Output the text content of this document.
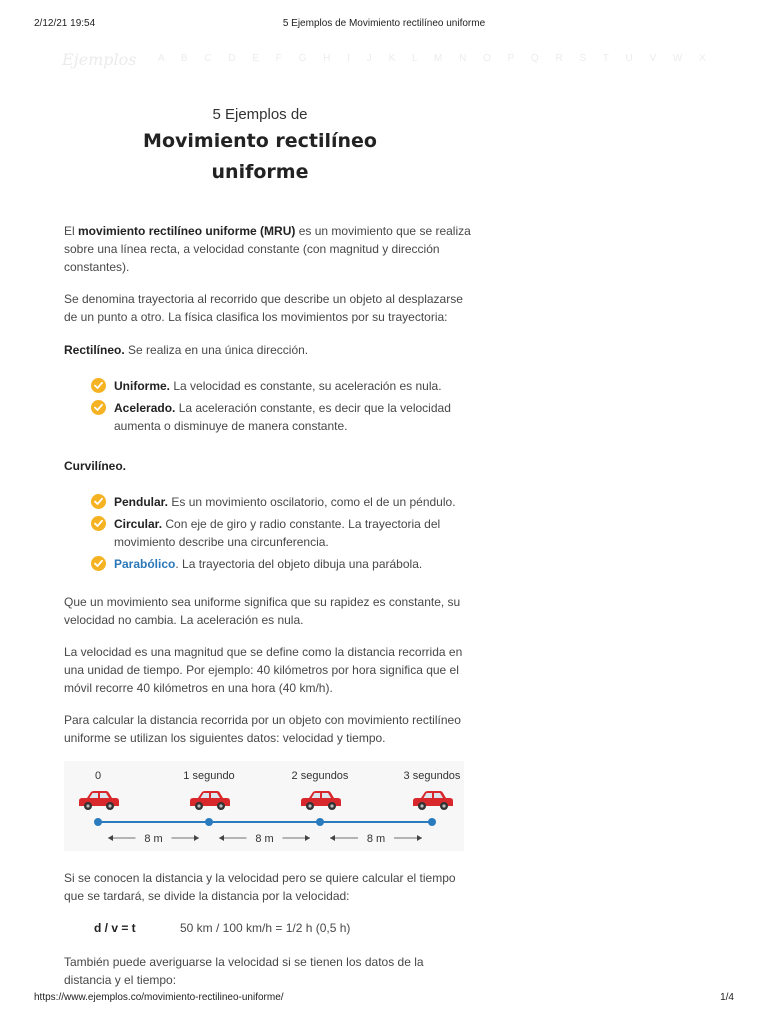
2/12/21 19:54	5 Ejemplos de Movimiento rectilíneo uniforme
Ejemplos A B C D E F G H I J K L M N O P Q R S T U V W X
5 Ejemplos de
Movimiento rectilíneo
uniforme

El movimiento rectilíneo uniforme (MRU) es un movimiento que se realiza sobre una línea recta, a velocidad constante (con magnitud y dirección constantes).

Se denomina trayectoria al recorrido que describe un objeto al desplazarse de un punto a otro. La física clasifica los movimientos por su trayectoria:

Rectilíneo. Se realiza en una única dirección.

Uniforme. La velocidad es constante, su aceleración es nula.
Acelerado. La aceleración constante, es decir que la velocidad aumenta o disminuye de manera constante.

Curvilíneo.

Pendular. Es un movimiento oscilatorio, como el de un péndulo.
Circular. Con eje de giro y radio constante. La trayectoria del movimiento describe una circunferencia.
Parabólico. La trayectoria del objeto dibuja una parábola.

Que un movimiento sea uniforme significa que su rapidez es constante, su velocidad no cambia. La aceleración es nula.

La velocidad es una magnitud que se define como la distancia recorrida en una unidad de tiempo. Por ejemplo: 40 kilómetros por hora significa que el móvil recorre 40 kilómetros en una hora (40 km/h).

Para calcular la distancia recorrida por un objeto con movimiento rectilíneo uniforme se utilizan los siguientes datos: velocidad y tiempo.

0	1 segundo	2 segundos	3 segundos
8 m	8 m	8 m

Si se conocen la distancia y la velocidad pero se quiere calcular el tiempo que se tardará, se divide la distancia por la velocidad:

d / v = t	50 km / 100 km/h = 1/2 h (0,5 h)

También puede averiguarse la velocidad si se tienen los datos de la distancia y el tiempo:

https://www.ejemplos.co/movimiento-rectilineo-uniforme/	1/4
